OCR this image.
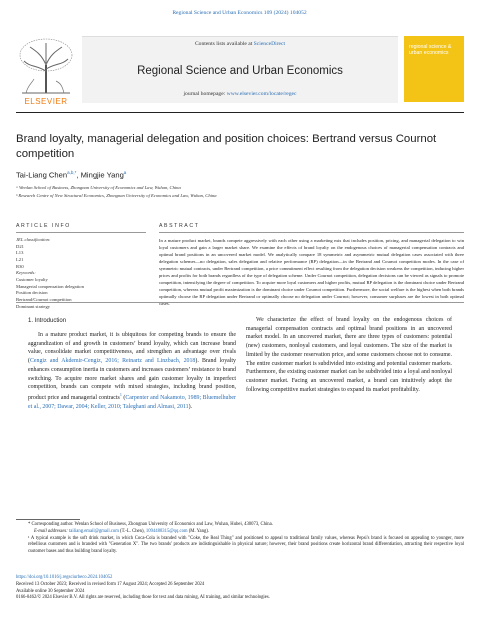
Regional Science and Urban Economics 109 (2024) 104052
Contents lists available at ScienceDirect
Regional Science and Urban Economics
journal homepage: www.elsevier.com/locate/regec
ELSEVIER
regional science & urban economics
Brand loyalty, managerial delegation and position choices: Bertrand versus Cournot competition
Tai-Liang Chen$^{a,b,*}$, Mingjie Yang$^a$
ᵃ Wenlan School of Business, Zhongnan University of Economics and Law, Wuhan, China
ᵇ Research Centre of New Structural Economics, Zhongnan University of Economics and Law, Wuhan, China
ARTICLE INFO
JEL classification:
D21
L13
L21
R30
Keywords:
Customer loyalty
Managerial compensation delegation
Position decision
Bertrand/Cournot competition
Dominant strategy
ABSTRACT
In a mature product market, brands compete aggressively with each other using a marketing mix that includes position, pricing, and managerial delegation to win loyal customers and gain a larger market share. We examine the effects of brand loyalty on the endogenous choices of managerial compensation contracts and optimal brand positions in an uncovered market model. We analytically compare 18 symmetric and asymmetric mutual delegation cases associated with three delegation schemes—no delegation, sales delegation and relative performance (RP) delegation—in the Bertrand and Cournot competition modes. In the case of symmetric mutual contracts, under Bertrand competition, a price commitment effect resulting from the delegation decision weakens the competition, inducing higher prices and profits for both brands regardless of the type of delegation scheme. Under Cournot competition, delegation decisions can be viewed as signals to promote competition, intensifying the degree of competition. To acquire more loyal customers and higher profits, mutual RP delegation is the dominant choice under Bertrand competition, whereas mutual profit maximization is the dominant choice under Cournot competition. Furthermore, the social welfare is the highest when both brands optimally choose the RP delegation under Bertrand or optimally choose no delegation under Cournot; however, consumer surpluses are the lowest in both optimal cases.
1. Introduction
In a mature product market, it is ubiquitous for competing brands to ensure the aggrandization of and growth in customers’ brand loyalty, which can increase brand value, consolidate market competitiveness, and strengthen an advantage over rivals (Cengiz and Akdemir-Cengiz, 2016; Reinartz and Linzbach, 2018). Brand loyalty enhances consumption inertia in customers and increases customers’ resistance to brand switching. To acquire more market shares and gain customer loyalty in imperfect competition, brands can compete with mixed strategies, including brand position, product price and managerial contracts$^1$ (Carpenter and Nakamoto, 1989; Bluemelhuber et al., 2007; Dawar, 2004; Keller, 2010; Taleghani and Almasi, 2011).
We characterize the effect of brand loyalty on the endogenous choices of managerial compensation contracts and optimal brand positions in an uncovered market model. In an uncovered market, there are three types of customers: potential (new) customers, nonloyal customers, and loyal customers. The size of the market is limited by the customer reservation price, and some customers choose not to consume. The entire customer market is subdivided into existing and potential customer markets. Furthermore, the existing customer market can be subdivided into a loyal and nonloyal customer market. Facing an uncovered market, a brand can intuitively adopt the following competitive market strategies to expand its market profitability.
* Corresponding author. Wenlan School of Business, Zhongnan University of Economics and Law, Wuhan, Hubei, 430073, China.
E-mail addresses: tailiang.email@gmail.com (T.-L. Chen), 1094488315@qq.com (M. Yang).
¹ A typical example is the soft drink market, in which Coca-Cola is branded with "Coke, the Real Thing" and positioned to appeal to traditional family values, whereas Pepsi's brand is focused on appealing to younger, more rebellious customers and is branded with "Generation X". The two brands' products are indistinguishable in physical nature; however, their brand positions create horizontal brand differentiation, attracting their respective loyal customer bases and thus building brand loyalty.
https://doi.org/10.1016/j.regsciurbeco.2024.104052
Received 13 October 2023; Received in revised form 17 August 2024; Accepted 26 September 2024
Available online 30 September 2024
0166-0462/© 2024 Elsevier B.V. All rights are reserved, including those for text and data mining, AI training, and similar technologies.
